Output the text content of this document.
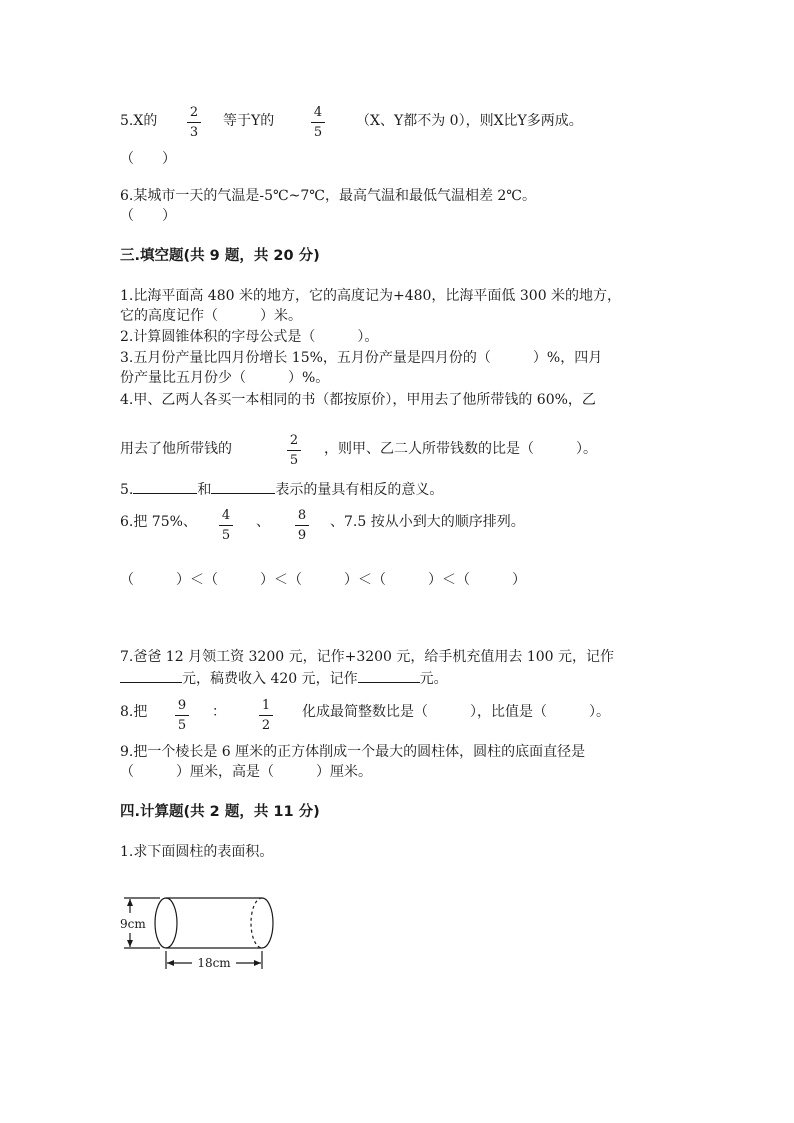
5.X的
2
3
等于Y的
4
5
（X、Y都不为 0），则X比Y多两成。
（　　）
6.某城市一天的气温是-5℃~7℃，最高气温和最低气温相差 2℃。
（　　）
三.填空题(共 9 题，共 20 分)
1.比海平面高 480 米的地方，它的高度记为+480，比海平面低 300 米的地方，
它的高度记作（　　　）米。
2.计算圆锥体积的字母公式是（　　　）。
3.五月份产量比四月份增长 15%，五月份产量是四月份的（　　　）%，四月
份产量比五月份少（　　　）%。
4.甲、乙两人各买一本相同的书（都按原价），甲用去了他所带钱的 60%，乙
用去了他所带钱的
2
5
，则甲、乙二人所带钱数的比是（　　　）。
5.	和	表示的量具有相反的意义。
6.把 75%、 4
5
、 8
9
、7.5 按从小到大的顺序排列。
（　　　）＜（　　　）＜（　　　）＜（　　　）＜（　　　）
7.爸爸 12 月领工资 3200 元，记作+3200 元，给手机充值用去 100 元，记作
元，稿费收入 420 元，记作	元。
8.把 9
5
：	1
2
化成最简整数比是（　　　），比值是（　　　）。
9.把一个棱长是 6 厘米的正方体削成一个最大的圆柱体，圆柱的底面直径是
（　　　）厘米，高是（　　　）厘米。
四.计算题(共 2 题，共 11 分)
1.求下面圆柱的表面积。
9cm
18cm
